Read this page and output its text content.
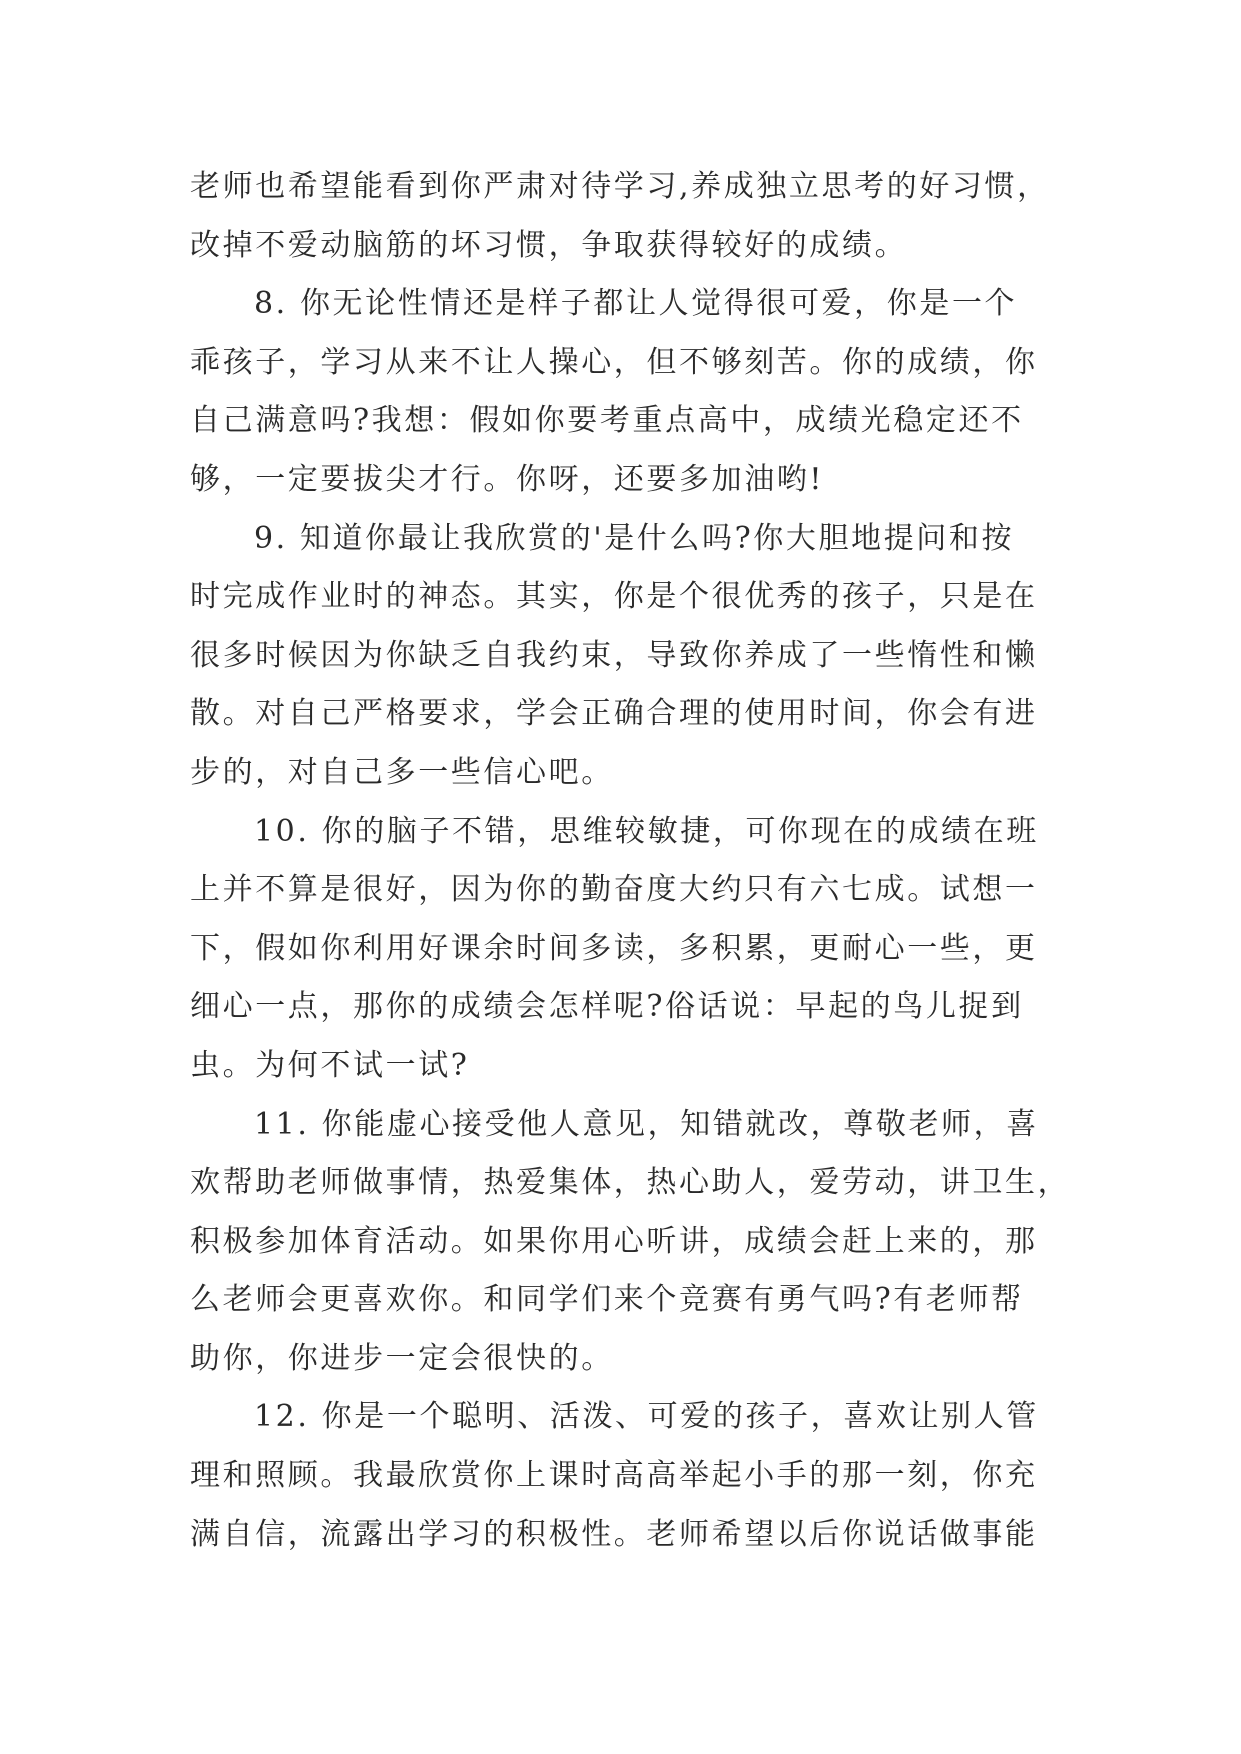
老师也希望能看到你严肃对待学习,养成独立思考的好习惯，
改掉不爱动脑筋的坏习惯，争取获得较好的成绩。
8. 你无论性情还是样子都让人觉得很可爱，你是一个
乖孩子，学习从来不让人操心，但不够刻苦。你的成绩，你
自己满意吗?我想：假如你要考重点高中，成绩光稳定还不
够，一定要拔尖才行。你呀，还要多加油哟!
9. 知道你最让我欣赏的'是什么吗?你大胆地提问和按
时完成作业时的神态。其实，你是个很优秀的孩子，只是在
很多时候因为你缺乏自我约束，导致你养成了一些惰性和懒
散。对自己严格要求，学会正确合理的使用时间，你会有进
步的，对自己多一些信心吧。
10. 你的脑子不错，思维较敏捷，可你现在的成绩在班
上并不算是很好，因为你的勤奋度大约只有六七成。试想一
下，假如你利用好课余时间多读，多积累，更耐心一些，更
细心一点，那你的成绩会怎样呢?俗话说：早起的鸟儿捉到
虫。为何不试一试?
11. 你能虚心接受他人意见，知错就改，尊敬老师，喜
欢帮助老师做事情，热爱集体，热心助人，爱劳动，讲卫生，
积极参加体育活动。如果你用心听讲，成绩会赶上来的，那
么老师会更喜欢你。和同学们来个竞赛有勇气吗?有老师帮
助你，你进步一定会很快的。
12. 你是一个聪明、活泼、可爱的孩子，喜欢让别人管
理和照顾。我最欣赏你上课时高高举起小手的那一刻，你充
满自信，流露出学习的积极性。老师希望以后你说话做事能
